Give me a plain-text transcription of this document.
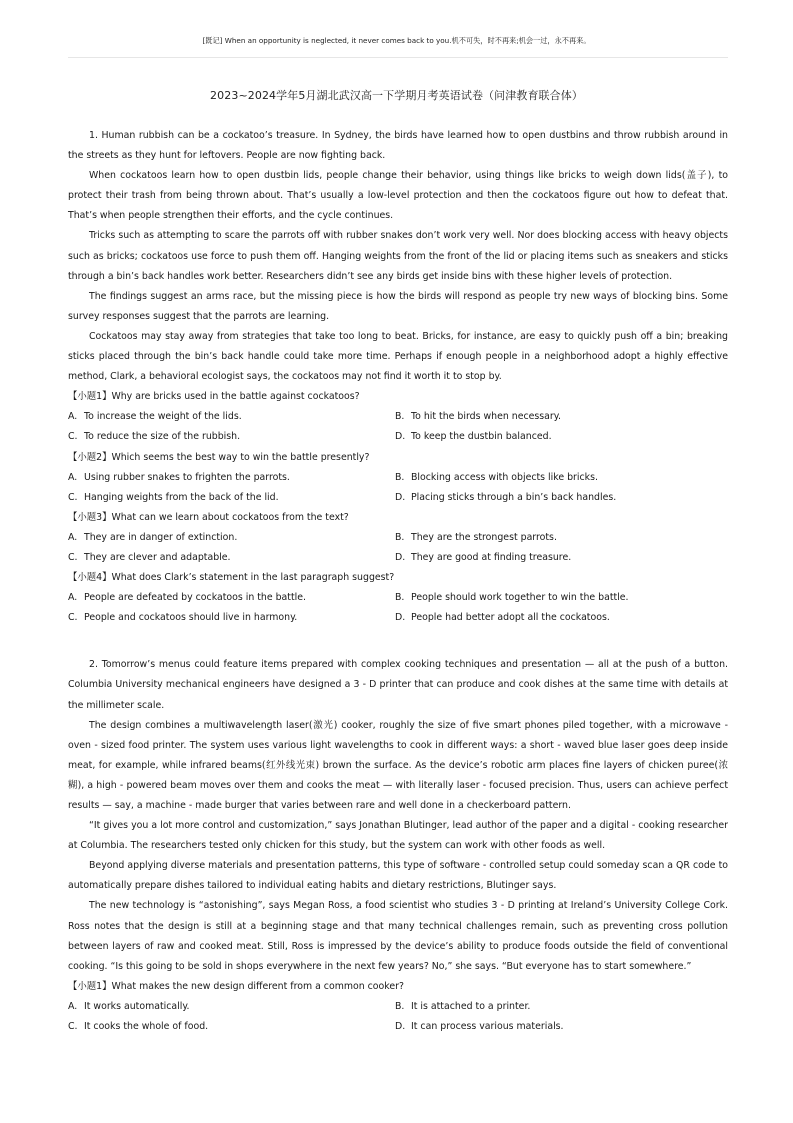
[既记] When an opportunity is neglected, it never comes back to you.机不可失，时不再来;机会一过，永不再来。
2023~2024学年5月湖北武汉高一下学期月考英语试卷（问津教育联合体）

1. Human rubbish can be a cockatoo’s treasure. In Sydney, the birds have learned how to open dustbins and throw rubbish around in the streets as they hunt for leftovers. People are now fighting back.

When cockatoos learn how to open dustbin lids, people change their behavior, using things like bricks to weigh down lids(盖子), to protect their trash from being thrown about. That’s usually a low-level protection and then the cockatoos figure out how to defeat that. That’s when people strengthen their efforts, and the cycle continues.

Tricks such as attempting to scare the parrots off with rubber snakes don’t work very well. Nor does blocking access with heavy objects such as bricks; cockatoos use force to push them off. Hanging weights from the front of the lid or placing items such as sneakers and sticks through a bin’s back handles work better. Researchers didn’t see any birds get inside bins with these higher levels of protection.

The findings suggest an arms race, but the missing piece is how the birds will respond as people try new ways of blocking bins. Some survey responses suggest that the parrots are learning.

Cockatoos may stay away from strategies that take too long to beat. Bricks, for instance, are easy to quickly push off a bin; breaking sticks placed through the bin’s back handle could take more time. Perhaps if enough people in a neighborhood adopt a highly effective method, Clark, a behavioral ecologist says, the cockatoos may not find it worth it to stop by.

【小题1】Why are bricks used in the battle against cockatoos?

A. To increase the weight of the lids.	B. To hit the birds when necessary.
C. To reduce the size of the rubbish.	D. To keep the dustbin balanced.

【小题2】Which seems the best way to win the battle presently?

A. Using rubber snakes to frighten the parrots.	B. Blocking access with objects like bricks.
C. Hanging weights from the back of the lid.	D. Placing sticks through a bin’s back handles.

【小题3】What can we learn about cockatoos from the text?

A. They are in danger of extinction.	B. They are the strongest parrots.
C. They are clever and adaptable.	D. They are good at finding treasure.

【小题4】What does Clark’s statement in the last paragraph suggest?

A. People are defeated by cockatoos in the battle.	B. People should work together to win the battle.
C. People and cockatoos should live in harmony.	D. People had better adopt all the cockatoos.

2. Tomorrow’s menus could feature items prepared with complex cooking techniques and presentation — all at the push of a button. Columbia University mechanical engineers have designed a 3 - D printer that can produce and cook dishes at the same time with details at the millimeter scale.

The design combines a multiwavelength laser(激光) cooker, roughly the size of five smart phones piled together, with a microwave - oven - sized food printer. The system uses various light wavelengths to cook in different ways: a short - waved blue laser goes deep inside meat, for example, while infrared beams(红外线光束) brown the surface. As the device’s robotic arm places fine layers of chicken puree(浓糊), a high - powered beam moves over them and cooks the meat — with literally laser - focused precision. Thus, users can achieve perfect results — say, a machine - made burger that varies between rare and well done in a checkerboard pattern.

“It gives you a lot more control and customization,” says Jonathan Blutinger, lead author of the paper and a digital - cooking researcher at Columbia. The researchers tested only chicken for this study, but the system can work with other foods as well.

Beyond applying diverse materials and presentation patterns, this type of software - controlled setup could someday scan a QR code to automatically prepare dishes tailored to individual eating habits and dietary restrictions, Blutinger says.

The new technology is “astonishing”, says Megan Ross, a food scientist who studies 3 - D printing at Ireland’s University College Cork. Ross notes that the design is still at a beginning stage and that many technical challenges remain, such as preventing cross pollution between layers of raw and cooked meat. Still, Ross is impressed by the device’s ability to produce foods outside the field of conventional cooking. “Is this going to be sold in shops everywhere in the next few years? No,” she says. “But everyone has to start somewhere.”

【小题1】What makes the new design different from a common cooker?

A. It works automatically.	B. It is attached to a printer.
C. It cooks the whole of food.	D. It can process various materials.
